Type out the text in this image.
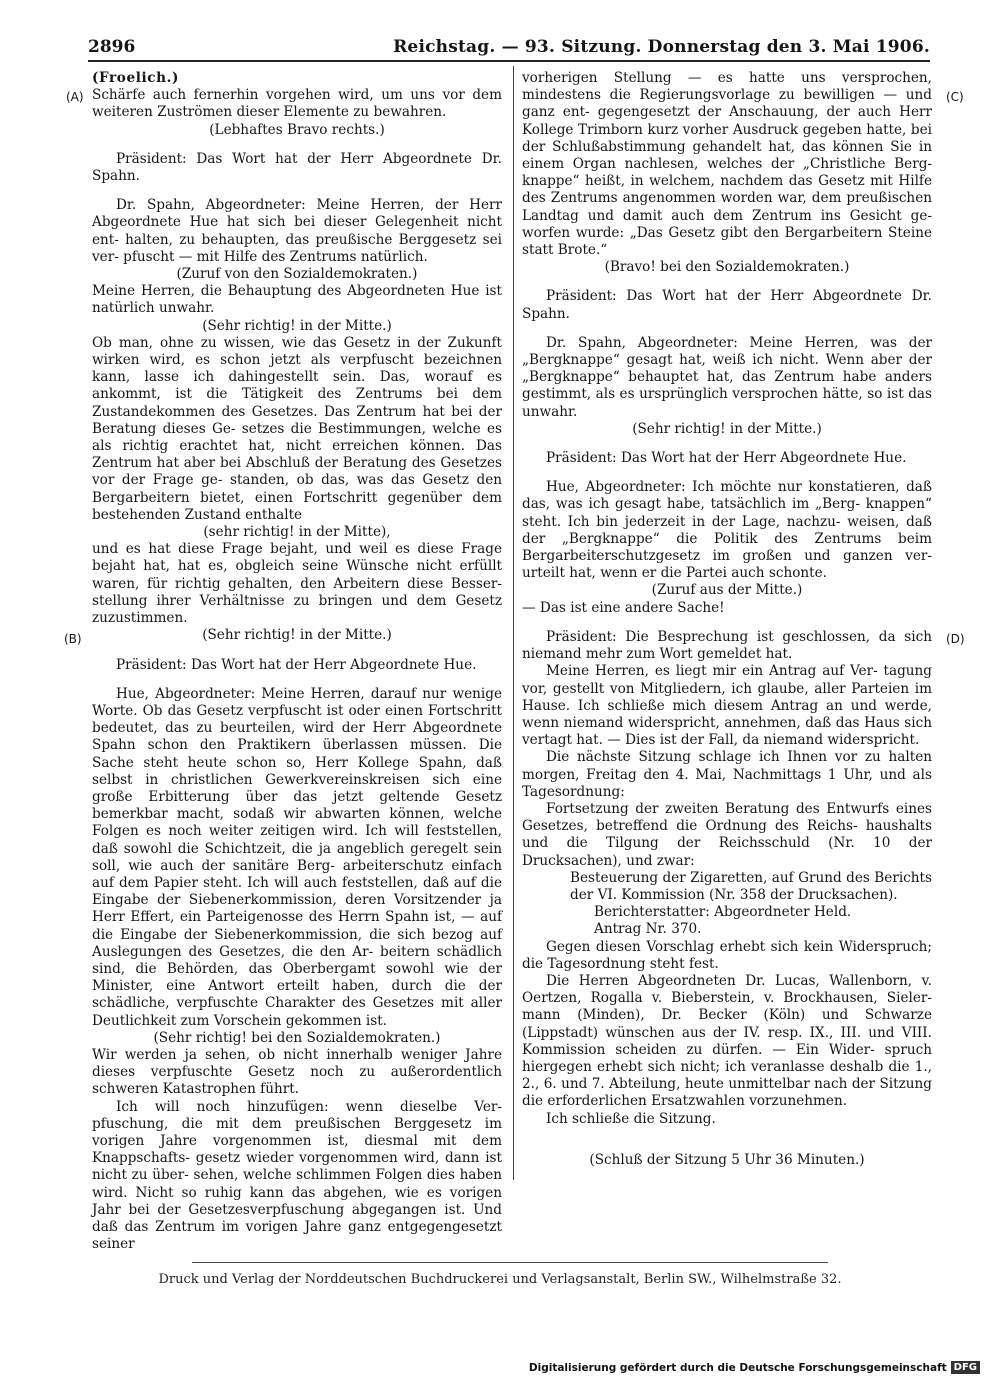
2896	Reichstag. — 93. Sitzung. Donnerstag den 3. Mai 1906.
(A)
(B)
(C)
(D)

(Froelich.)

Schärfe auch fernerhin vorgehen wird, um uns vor dem weiteren Zuströmen dieser Elemente zu bewahren.

(Lebhaftes Bravo rechts.)

Präsident: Das Wort hat der Herr Abgeordnete Dr. Spahn.

Dr. Spahn, Abgeordneter: Meine Herren, der Herr Abgeordnete Hue hat sich bei dieser Gelegenheit nicht ent- halten, zu behaupten, das preußische Berggesetz sei ver- pfuscht — mit Hilfe des Zentrums natürlich.

(Zuruf von den Sozialdemokraten.)

Meine Herren, die Behauptung des Abgeordneten Hue ist natürlich unwahr.

(Sehr richtig! in der Mitte.)

Ob man, ohne zu wissen, wie das Gesetz in der Zukunft wirken wird, es schon jetzt als verpfuscht bezeichnen kann, lasse ich dahingestellt sein. Das, worauf es ankommt, ist die Tätigkeit des Zentrums bei dem Zustandekommen des Gesetzes. Das Zentrum hat bei der Beratung dieses Ge- setzes die Bestimmungen, welche es als richtig erachtet hat, nicht erreichen können. Das Zentrum hat aber bei Abschluß der Beratung des Gesetzes vor der Frage ge- standen, ob das, was das Gesetz den Bergarbeitern bietet, einen Fortschritt gegenüber dem bestehenden Zustand enthalte

(sehr richtig! in der Mitte),

und es hat diese Frage bejaht, und weil es diese Frage bejaht hat, hat es, obgleich seine Wünsche nicht erfüllt waren, für richtig gehalten, den Arbeitern diese Besser- stellung ihrer Verhältnisse zu bringen und dem Gesetz zuzustimmen.

(Sehr richtig! in der Mitte.)

Präsident: Das Wort hat der Herr Abgeordnete Hue.

Hue, Abgeordneter: Meine Herren, darauf nur wenige Worte. Ob das Gesetz verpfuscht ist oder einen Fortschritt bedeutet, das zu beurteilen, wird der Herr Abgeordnete Spahn schon den Praktikern überlassen müssen. Die Sache steht heute schon so, Herr Kollege Spahn, daß selbst in christlichen Gewerkvereinskreisen sich eine große Erbitterung über das jetzt geltende Gesetz bemerkbar macht, sodaß wir abwarten können, welche Folgen es noch weiter zeitigen wird. Ich will feststellen, daß sowohl die Schichtzeit, die ja angeblich geregelt sein soll, wie auch der sanitäre Berg- arbeiterschutz einfach auf dem Papier steht. Ich will auch feststellen, daß auf die Eingabe der Siebenerkommission, deren Vorsitzender ja Herr Effert, ein Parteigenosse des Herrn Spahn ist, — auf die Eingabe der Siebenerkommission, die sich bezog auf Auslegungen des Gesetzes, die den Ar- beitern schädlich sind, die Behörden, das Oberbergamt sowohl wie der Minister, eine Antwort erteilt haben, durch die der schädliche, verpfuschte Charakter des Gesetzes mit aller Deutlichkeit zum Vorschein gekommen ist.

(Sehr richtig! bei den Sozialdemokraten.)

Wir werden ja sehen, ob nicht innerhalb weniger Jahre dieses verpfuschte Gesetz noch zu außerordentlich schweren Katastrophen führt.

Ich will noch hinzufügen: wenn dieselbe Ver- pfuschung, die mit dem preußischen Berggesetz im vorigen Jahre vorgenommen ist, diesmal mit dem Knappschafts- gesetz wieder vorgenommen wird, dann ist nicht zu über- sehen, welche schlimmen Folgen dies haben wird. Nicht so ruhig kann das abgehen, wie es vorigen Jahr bei der Gesetzesverpfuschung abgegangen ist. Und daß das Zentrum im vorigen Jahre ganz entgegengesetzt seiner

vorherigen Stellung — es hatte uns versprochen, mindestens die Regierungsvorlage zu bewilligen — und ganz ent- gegengesetzt der Anschauung, der auch Herr Kollege Trimborn kurz vorher Ausdruck gegeben hatte, bei der Schlußabstimmung gehandelt hat, das können Sie in einem Organ nachlesen, welches der „Christliche Berg- knappe“ heißt, in welchem, nachdem das Gesetz mit Hilfe des Zentrums angenommen worden war, dem preußischen Landtag und damit auch dem Zentrum ins Gesicht ge- worfen wurde: „Das Gesetz gibt den Bergarbeitern Steine statt Brote.“

(Bravo! bei den Sozialdemokraten.)

Präsident: Das Wort hat der Herr Abgeordnete Dr. Spahn.

Dr. Spahn, Abgeordneter: Meine Herren, was der „Bergknappe“ gesagt hat, weiß ich nicht. Wenn aber der „Bergknappe“ behauptet hat, das Zentrum habe anders gestimmt, als es ursprünglich versprochen hätte, so ist das unwahr.

(Sehr richtig! in der Mitte.)

Präsident: Das Wort hat der Herr Abgeordnete Hue.

Hue, Abgeordneter: Ich möchte nur konstatieren, daß das, was ich gesagt habe, tatsächlich im „Berg- knappen“ steht. Ich bin jederzeit in der Lage, nachzu- weisen, daß der „Bergknappe“ die Politik des Zentrums beim Bergarbeiterschutzgesetz im großen und ganzen ver- urteilt hat, wenn er die Partei auch schonte.

(Zuruf aus der Mitte.)

— Das ist eine andere Sache!

Präsident: Die Besprechung ist geschlossen, da sich niemand mehr zum Wort gemeldet hat.

Meine Herren, es liegt mir ein Antrag auf Ver- tagung vor, gestellt von Mitgliedern, ich glaube, aller Parteien im Hause. Ich schließe mich diesem Antrag an und werde, wenn niemand widerspricht, annehmen, daß das Haus sich vertagt hat. — Dies ist der Fall, da niemand widerspricht.

Die nächste Sitzung schlage ich Ihnen vor zu halten morgen, Freitag den 4. Mai, Nachmittags 1 Uhr, und als Tagesordnung:

Fortsetzung der zweiten Beratung des Entwurfs eines Gesetzes, betreffend die Ordnung des Reichs- haushalts und die Tilgung der Reichsschuld (Nr. 10 der Drucksachen), und zwar:

Besteuerung der Zigaretten, auf Grund des Berichts der VI. Kommission (Nr. 358 der Drucksachen).

Berichterstatter: Abgeordneter Held.

Antrag Nr. 370.

Gegen diesen Vorschlag erhebt sich kein Widerspruch; die Tagesordnung steht fest.

Die Herren Abgeordneten Dr. Lucas, Wallenborn, v. Oertzen, Rogalla v. Bieberstein, v. Brockhausen, Sieler- mann (Minden), Dr. Becker (Köln) und Schwarze (Lippstadt) wünschen aus der IV. resp. IX., III. und VIII. Kommission scheiden zu dürfen. — Ein Wider- spruch hiergegen erhebt sich nicht; ich veranlasse deshalb die 1., 2., 6. und 7. Abteilung, heute unmittelbar nach der Sitzung die erforderlichen Ersatzwahlen vorzunehmen.

Ich schließe die Sitzung.

(Schluß der Sitzung 5 Uhr 36 Minuten.)

Druck und Verlag der Norddeutschen Buchdruckerei und Verlagsanstalt, Berlin SW., Wilhelmstraße 32.
Digitalisierung gefördert durch die Deutsche Forschungsgemeinschaft DFG
